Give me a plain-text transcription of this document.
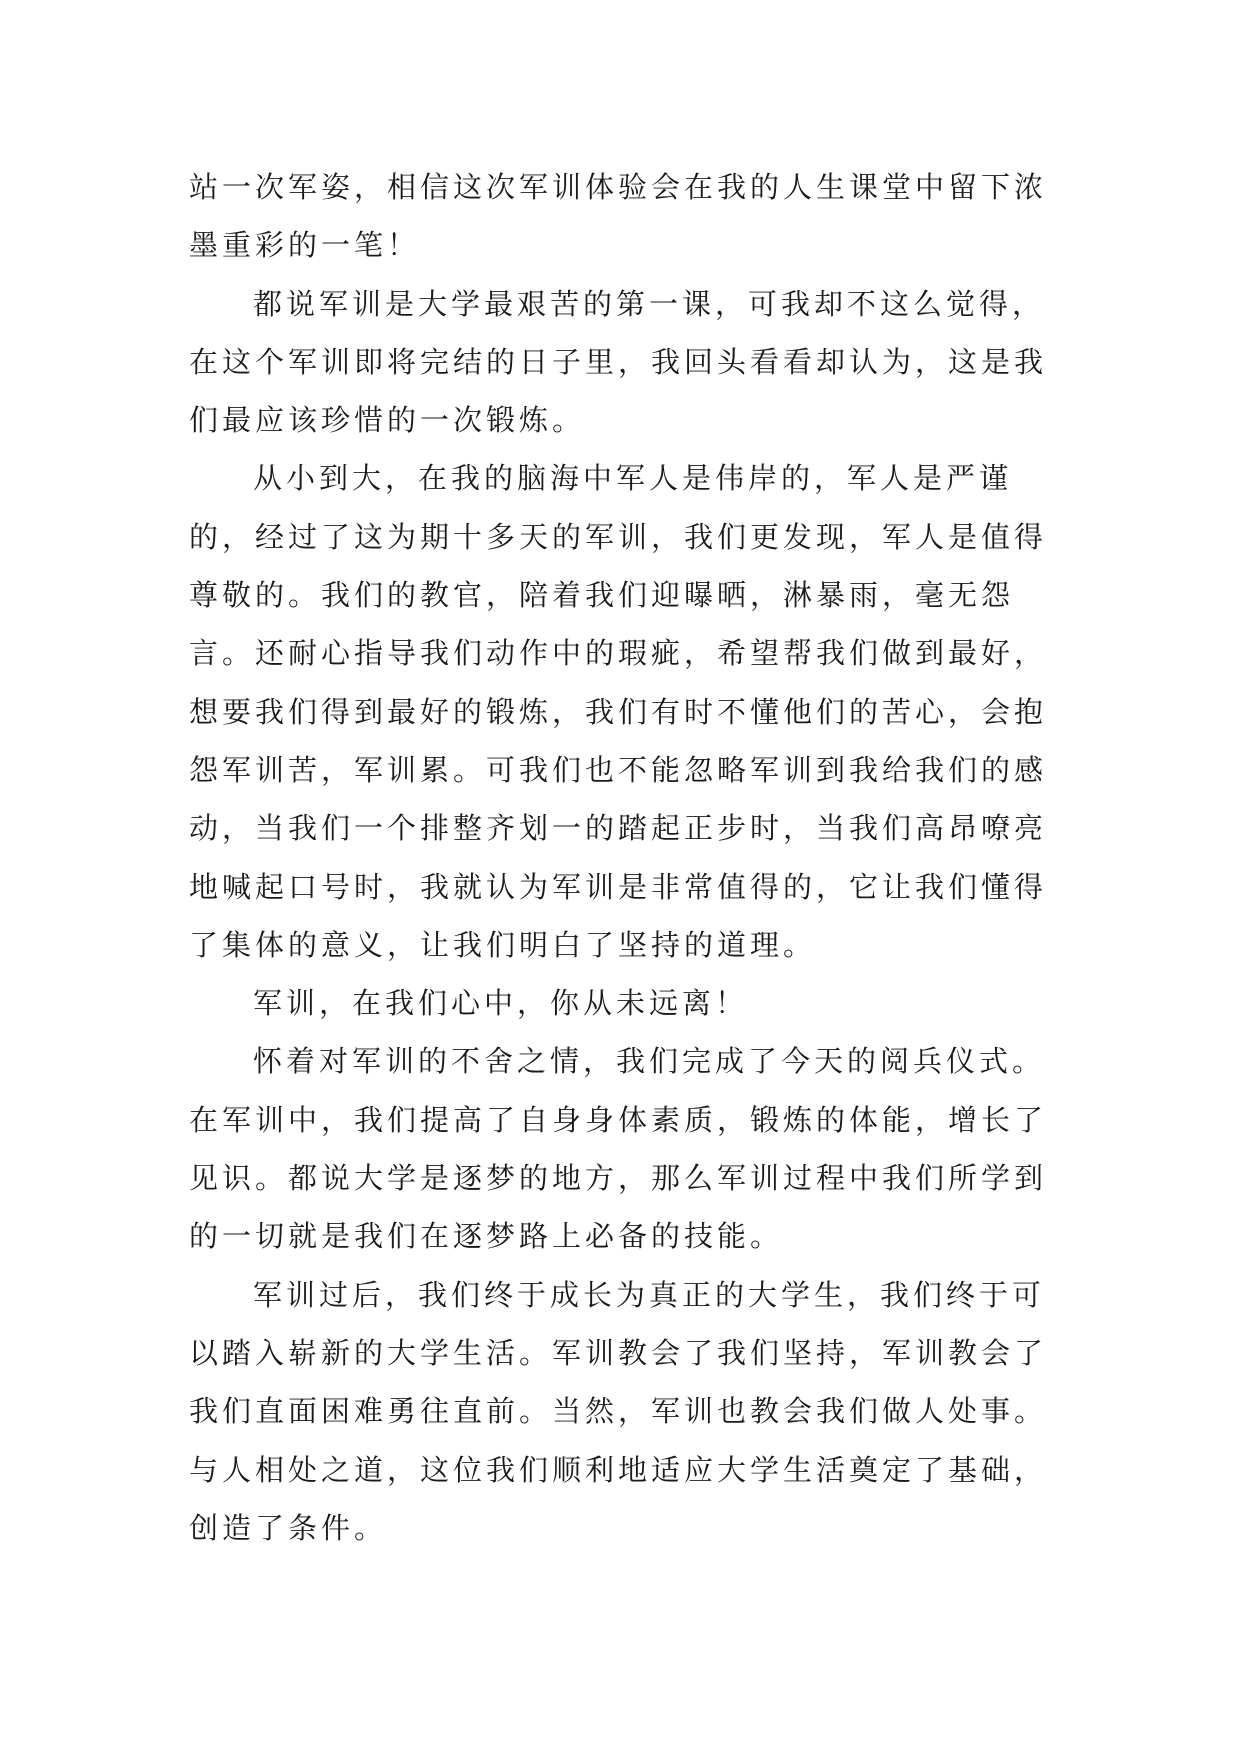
站一次军姿，相信这次军训体验会在我的人生课堂中留下浓墨重彩的一笔！

都说军训是大学最艰苦的第一课，可我却不这么觉得，在这个军训即将完结的日子里，我回头看看却认为，这是我们最应该珍惜的一次锻炼。

从小到大，在我的脑海中军人是伟岸的，军人是严谨的，经过了这为期十多天的军训，我们更发现，军人是值得尊敬的。我们的教官，陪着我们迎曝晒，淋暴雨，毫无怨言。还耐心指导我们动作中的瑕疵，希望帮我们做到最好，想要我们得到最好的锻炼，我们有时不懂他们的苦心，会抱怨军训苦，军训累。可我们也不能忽略军训到我给我们的感动，当我们一个排整齐划一的踏起正步时，当我们高昂嘹亮地喊起口号时，我就认为军训是非常值得的，它让我们懂得了集体的意义，让我们明白了坚持的道理。

军训，在我们心中，你从未远离！

怀着对军训的不舍之情，我们完成了今天的阅兵仪式。在军训中，我们提高了自身身体素质，锻炼的体能，增长了见识。都说大学是逐梦的地方，那么军训过程中我们所学到的一切就是我们在逐梦路上必备的技能。

军训过后，我们终于成长为真正的大学生，我们终于可以踏入崭新的大学生活。军训教会了我们坚持，军训教会了我们直面困难勇往直前。当然，军训也教会我们做人处事。与人相处之道，这位我们顺利地适应大学生活奠定了基础，创造了条件。
